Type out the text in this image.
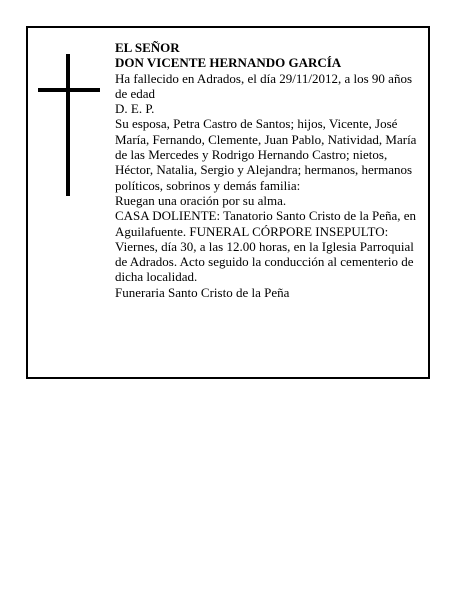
EL SEÑOR

DON VICENTE HERNANDO GARCÍA

Ha fallecido en Adrados, el día 29/11/2012, a los 90 años de edad

D. E. P.

Su esposa, Petra Castro de Santos; hijos, Vicente, José María, Fernando, Clemente, Juan Pablo, Natividad, María de las Mercedes y Rodrigo Hernando Castro; nietos, Héctor, Natalia, Sergio y Alejandra; hermanos, hermanos políticos, sobrinos y demás familia:

Ruegan una oración por su alma.

CASA DOLIENTE: Tanatorio Santo Cristo de la Peña, en Aguilafuente. FUNERAL CÓRPORE INSEPULTO: Viernes, día 30, a las 12.00 horas, en la Iglesia Parroquial de Adrados. Acto seguido la conducción al cementerio de dicha localidad.

Funeraria Santo Cristo de la Peña
